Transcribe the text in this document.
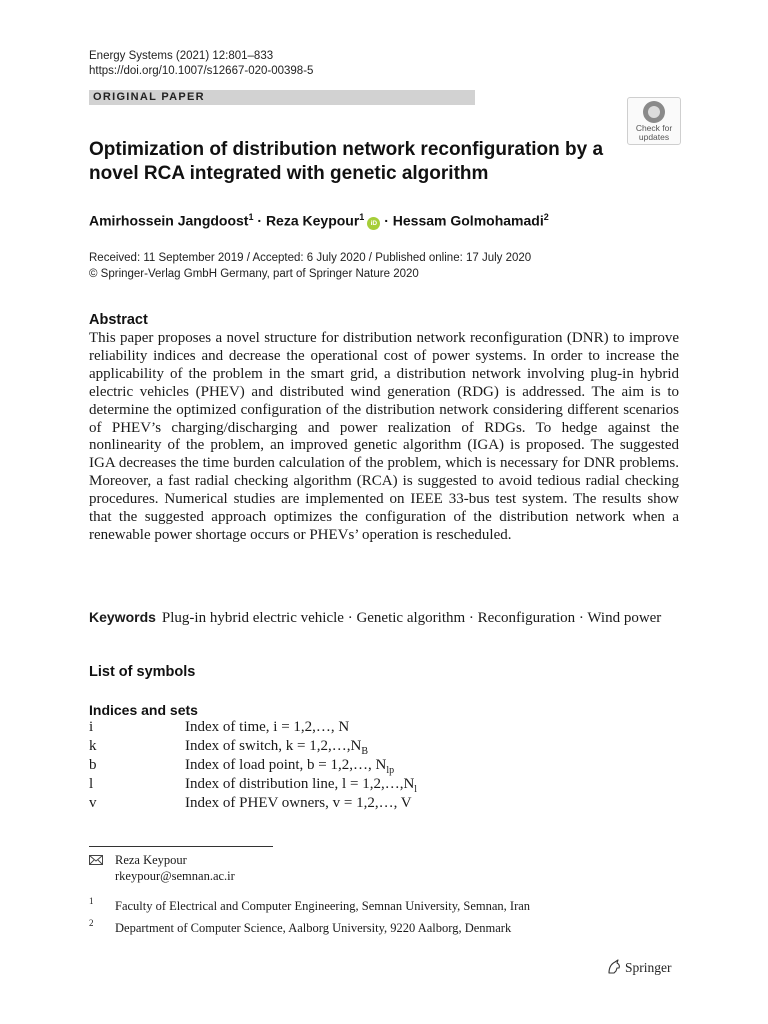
Energy Systems (2021) 12:801–833
https://doi.org/10.1007/s12667-020-00398-5
ORIGINAL PAPER
Check for
updates
Optimization of distribution network reconfiguration by a novel RCA integrated with genetic algorithm
Amirhossein Jangdoost$^1$ · Reza Keypour$^1$iD · Hessam Golmohamadi$^2$
Received: 11 September 2019 / Accepted: 6 July 2020 / Published online: 17 July 2020
© Springer-Verlag GmbH Germany, part of Springer Nature 2020
Abstract
This paper proposes a novel structure for distribution network reconfiguration (DNR) to improve reliability indices and decrease the operational cost of power systems. In order to increase the applicability of the problem in the smart grid, a distribution network involving plug-in hybrid electric vehicles (PHEV) and distributed wind generation (RDG) is addressed. The aim is to determine the optimized configuration of the distribution network considering different scenarios of PHEV’s charging/discharging and power realization of RDGs. To hedge against the nonlinearity of the problem, an improved genetic algorithm (IGA) is proposed. The suggested IGA decreases the time burden calculation of the problem, which is necessary for DNR problems. Moreover, a fast radial checking algorithm (RCA) is suggested to avoid tedious radial checking procedures. Numerical studies are implemented on IEEE 33-bus test system. The results show that the suggested approach optimizes the configuration of the distribution network when a renewable power shortage occurs or PHEVs’ operation is rescheduled.
Keywords Plug-in hybrid electric vehicle · Genetic algorithm · Reconfiguration · Wind power
List of symbols
Indices and sets
i	Index of time, i = 1,2,…, N
k	Index of switch, $k = 1,2,\dots,N_B$
b	Index of load point, b = 1,2,…, $N_{lp}$
l	Index of distribution line, $l = 1,2,\dots,N_l$
v	Index of PHEV owners, v = 1,2,…, V
Reza Keypour
rkeypour@semnan.ac.ir
1 Faculty of Electrical and Computer Engineering, Semnan University, Semnan, Iran
2 Department of Computer Science, Aalborg University, 9220 Aalborg, Denmark
Springer
